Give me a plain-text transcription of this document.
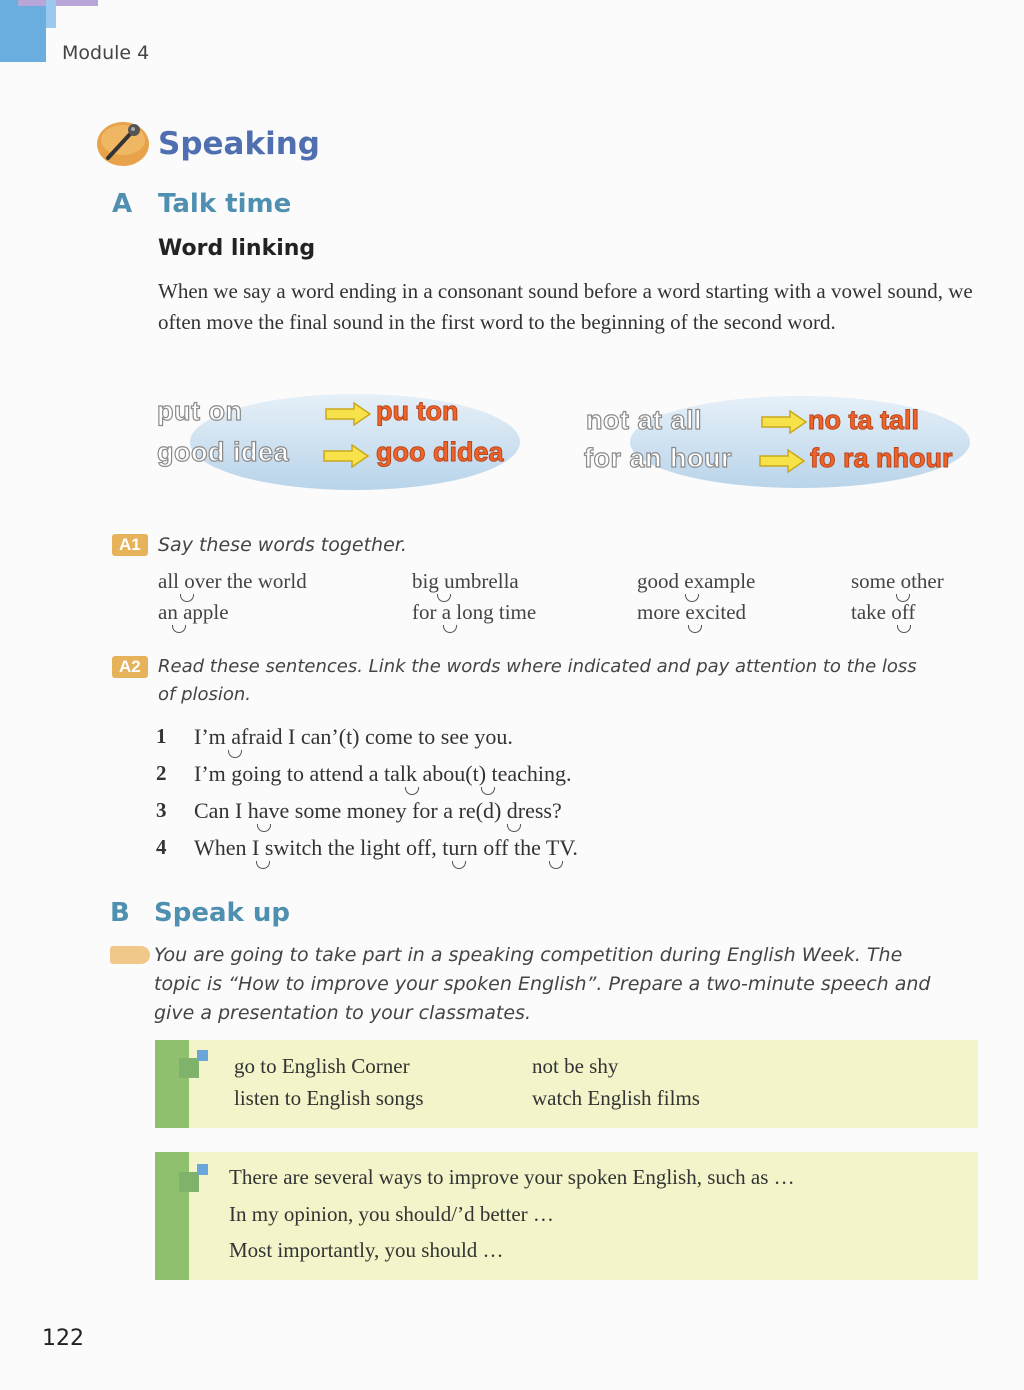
Module 4
Speaking
A Talk time
Word linking
When we say a word ending in a consonant sound before a word starting with a vowel sound, we often move the final sound in the first word to the beginning of the second word.
put on	pu ton
good idea	goo didea
not at all	no ta tall
for an hour	fo ra nhour
A1 Say these words together.
all over the world	big umbrella	good example	some other
an apple	for a long time	more excited	take off
A2 Read these sentences. Link the words where indicated and pay attention to the loss
of plosion.
1 I’m afraid I can’(t) come to see you.
2 I’m going to attend a talk abou(t) teaching.
3 Can I have some money for a re(d) dress?
4 When I switch the light off, turn off the TV.
B Speak up
You are going to take part in a speaking competition during English Week. The
topic is “How to improve your spoken English”. Prepare a two-minute speech and
give a presentation to your classmates.
go to English Corner	not be shy
listen to English songs	watch English films
There are several ways to improve your spoken English, such as …
In my opinion, you should/’d better …
Most importantly, you should …
122
